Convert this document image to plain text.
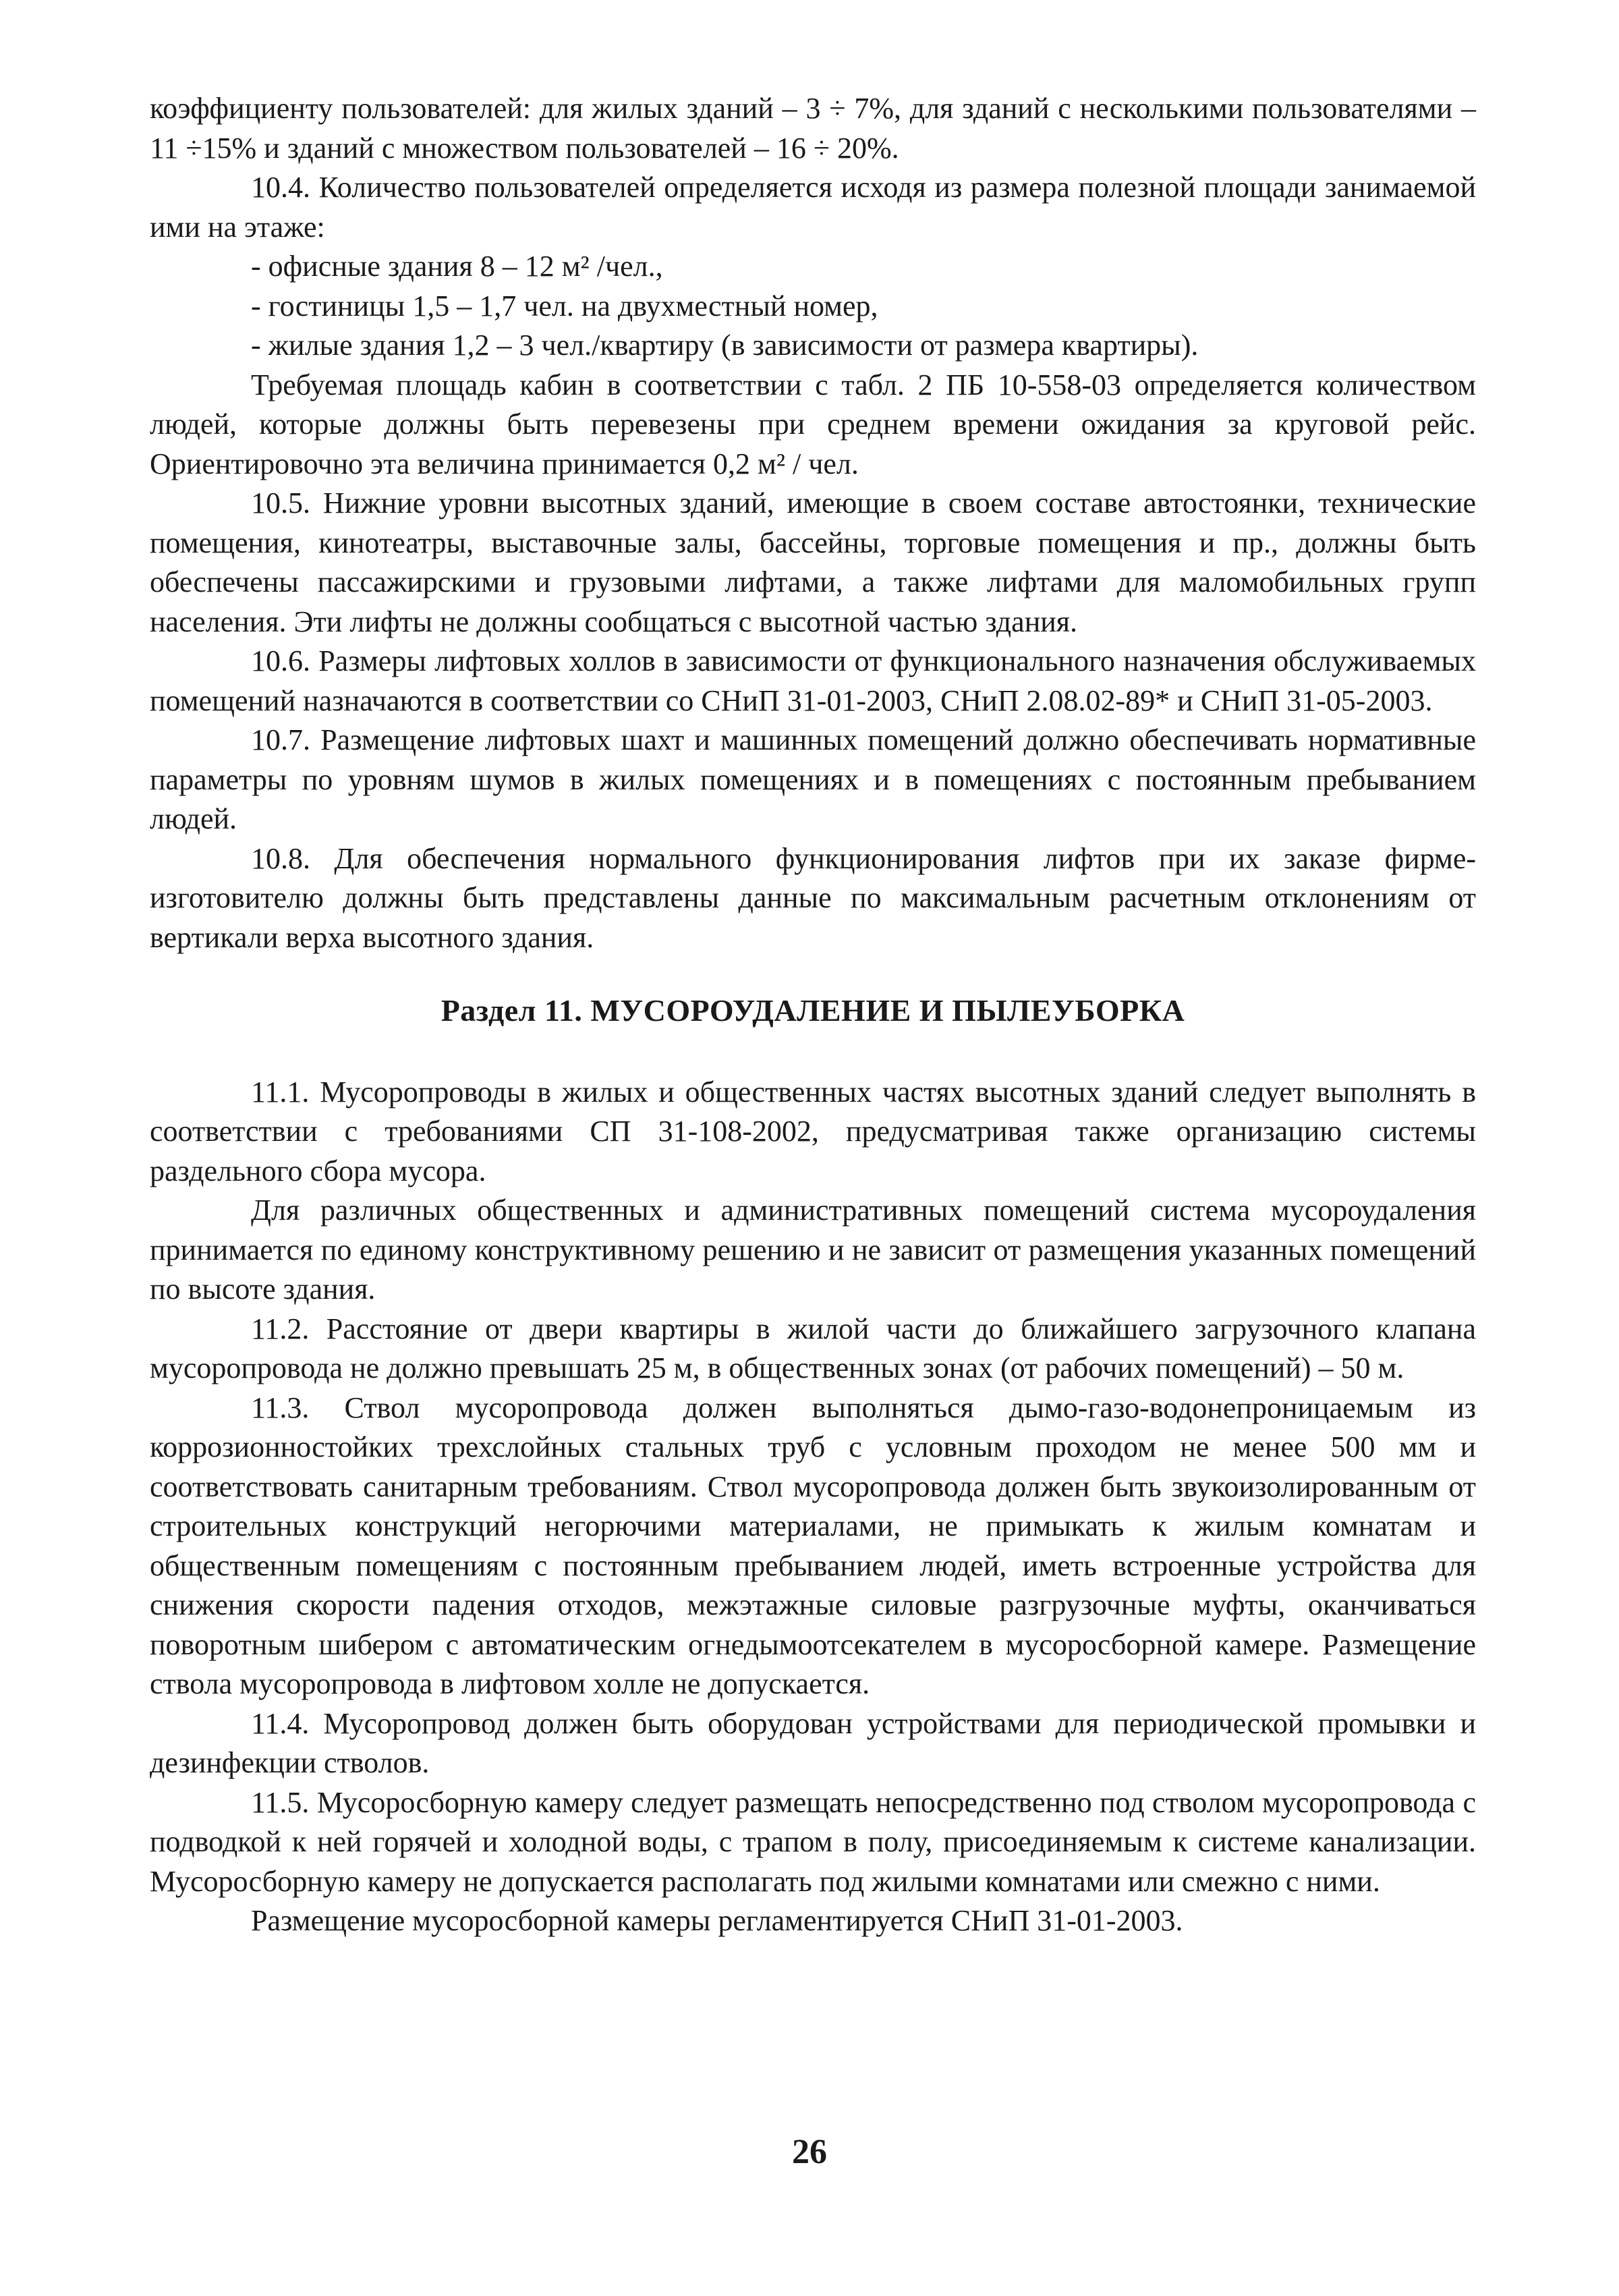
коэффициенту пользователей: для жилых зданий – 3 ÷ 7%, для зданий с несколькими пользователями – 11 ÷15% и зданий с множеством пользователей – 16 ÷ 20%.

10.4. Количество пользователей определяется исходя из размера полезной площади занимаемой ими на этаже:

- офисные здания 8 – 12 м² /чел.,

- гостиницы 1,5 – 1,7 чел. на двухместный номер,

- жилые здания 1,2 – 3 чел./квартиру (в зависимости от размера квартиры).

Требуемая площадь кабин в соответствии с табл. 2 ПБ 10-558-03 определяется количеством людей, которые должны быть перевезены при среднем времени ожидания за круговой рейс. Ориентировочно эта величина принимается 0,2 м² / чел.

10.5. Нижние уровни высотных зданий, имеющие в своем составе автостоянки, технические помещения, кинотеатры, выставочные залы, бассейны, торговые помещения и пр., должны быть обеспечены пассажирскими и грузовыми лифтами, а также лифтами для маломобильных групп населения. Эти лифты не должны сообщаться с высотной частью здания.

10.6. Размеры лифтовых холлов в зависимости от функционального назначения обслуживаемых помещений назначаются в соответствии со СНиП 31-01-2003, СНиП 2.08.02-89* и СНиП 31-05-2003.

10.7. Размещение лифтовых шахт и машинных помещений должно обеспечивать нормативные параметры по уровням шумов в жилых помещениях и в помещениях с постоянным пребыванием людей.

10.8. Для обеспечения нормального функционирования лифтов при их заказе фирме-изготовителю должны быть представлены данные по максимальным расчетным отклонениям от вертикали верха высотного здания.

Раздел 11. МУСОРОУДАЛЕНИЕ И ПЫЛЕУБОРКА

11.1. Мусоропроводы в жилых и общественных частях высотных зданий следует выполнять в соответствии с требованиями СП 31-108-2002, предусматривая также организацию системы раздельного сбора мусора.

Для различных общественных и административных помещений система мусороудаления принимается по единому конструктивному решению и не зависит от размещения указанных помещений по высоте здания.

11.2. Расстояние от двери квартиры в жилой части до ближайшего загрузочного клапана мусоропровода не должно превышать 25 м, в общественных зонах (от рабочих помещений) – 50 м.

11.3. Ствол мусоропровода должен выполняться дымо-газо-водонепроницаемым из коррозионностойких трехслойных стальных труб с условным проходом не менее 500 мм и соответствовать санитарным требованиям. Ствол мусоропровода должен быть звукоизолированным от строительных конструкций негорючими материалами, не примыкать к жилым комнатам и общественным помещениям с постоянным пребыванием людей, иметь встроенные устройства для снижения скорости падения отходов, межэтажные силовые разгрузочные муфты, оканчиваться поворотным шибером с автоматическим огнедымоотсекателем в мусоросборной камере. Размещение ствола мусоропровода в лифтовом холле не допускается.

11.4. Мусоропровод должен быть оборудован устройствами для периодической промывки и дезинфекции стволов.

11.5. Мусоросборную камеру следует размещать непосредственно под стволом мусоропровода с подводкой к ней горячей и холодной воды, с трапом в полу, присоединяемым к системе канализации. Мусоросборную камеру не допускается располагать под жилыми комнатами или смежно с ними.

Размещение мусоросборной камеры регламентируется СНиП 31-01-2003.

26
